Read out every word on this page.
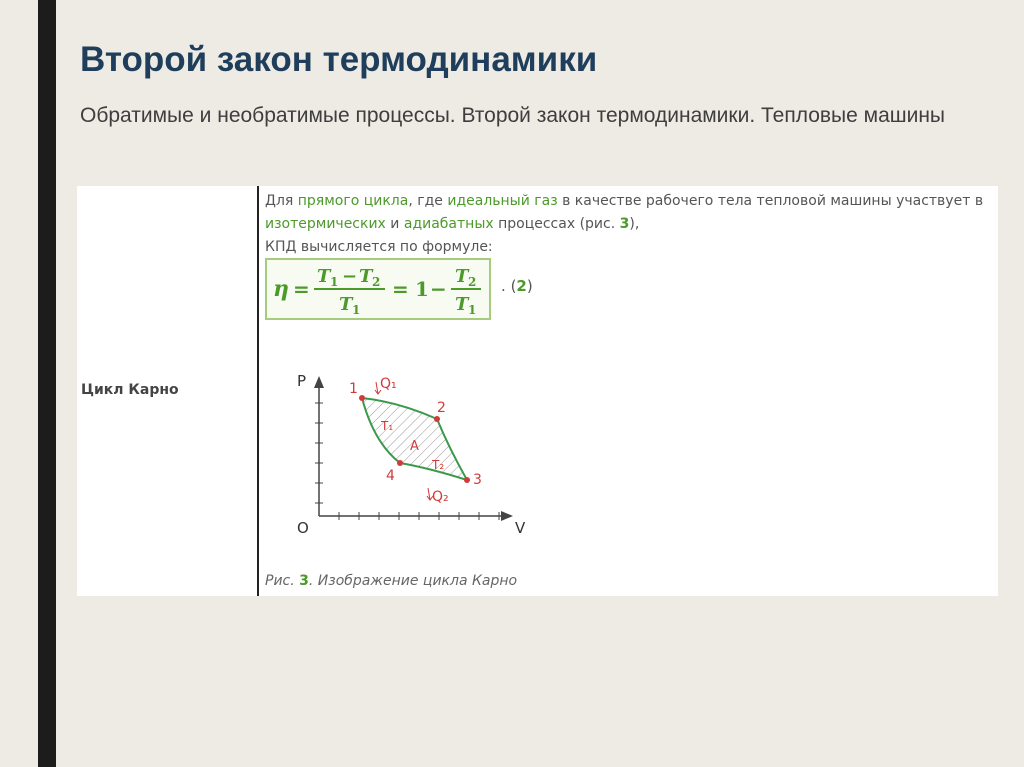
Второй закон термодинамики

Обратимые и необратимые процессы. Второй закон термодинамики. Тепловые машины

Цикл Карно
Для прямого цикла, где идеальный газ в качестве рабочего тела тепловой машины участвует в изотермических и адиабатных процессах (рис. 3),
КПД вычисляется по формуле:
η =
T 1 − T 2
T 1
= 1 −
T 2
T 1
. (2)
1
2
3
4
Q₁
Q₂
T₁
T₂
A
P
V
O
Рис. 3. Изображение цикла Карно
